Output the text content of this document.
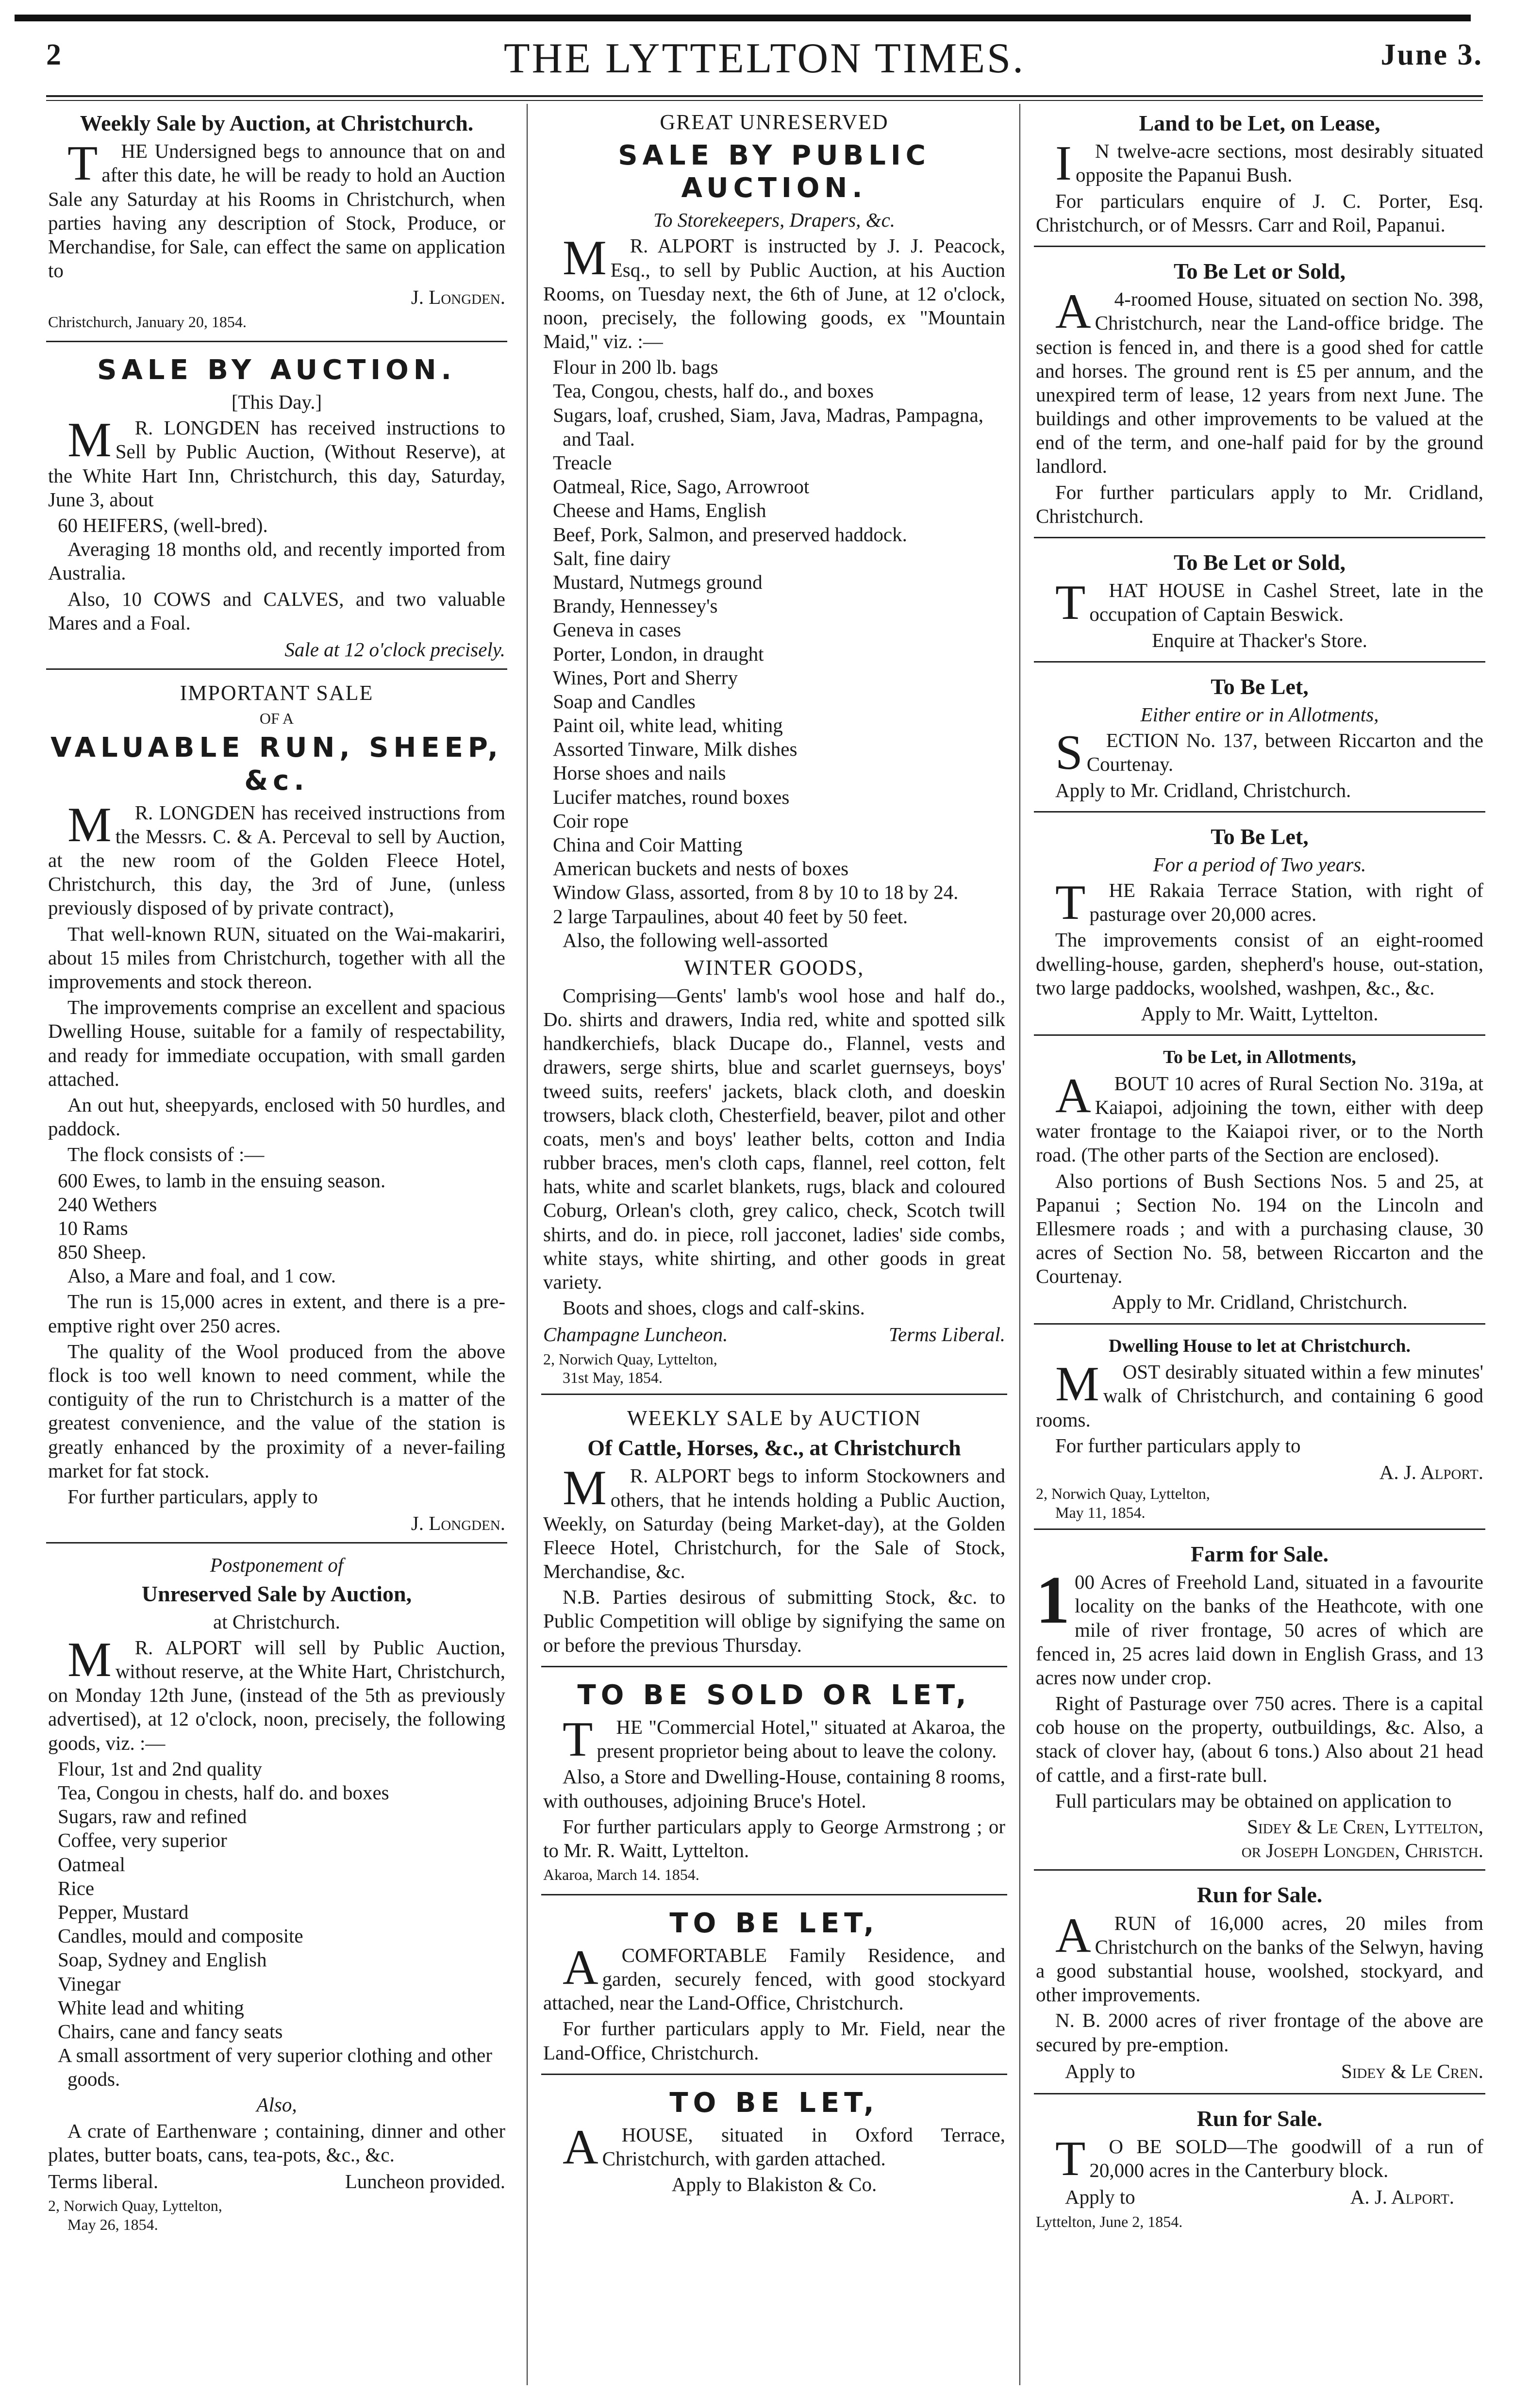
2	THE LYTTELTON TIMES.	June 3.
Weekly Sale by Auction, at Christchurch.

THE Undersigned begs to announce that on and after this date, he will be ready to hold an Auction Sale any Saturday at his Rooms in Christchurch, when parties having any description of Stock, Produce, or Merchandise, for Sale, can effect the same on application to

J. Longden.

Christchurch, January 20, 1854.

SALE BY AUCTION.
[This Day.]

MR. LONGDEN has received instructions to Sell by Public Auction, (Without Reserve), at the White Hart Inn, Christchurch, this day, Saturday, June 3, about

60 HEIFERS, (well-bred).

Averaging 18 months old, and recently imported from Australia.

Also, 10 COWS and CALVES, and two valuable Mares and a Foal.

Sale at 12 o'clock precisely.

IMPORTANT SALE
OF A
VALUABLE RUN, SHEEP, &c.

MR. LONGDEN has received instructions from the Messrs. C. & A. Perceval to sell by Auction, at the new room of the Golden Fleece Hotel, Christchurch, this day, the 3rd of June, (unless previously disposed of by private contract),

That well-known RUN, situated on the Wai-makariri, about 15 miles from Christchurch, together with all the improvements and stock thereon.

The improvements comprise an excellent and spacious Dwelling House, suitable for a family of respectability, and ready for immediate occupation, with small garden attached.

An out hut, sheepyards, enclosed with 50 hurdles, and paddock.

The flock consists of :—

600 Ewes, to lamb in the ensuing season.

240 Wethers

10 Rams

850 Sheep.

Also, a Mare and foal, and 1 cow.

The run is 15,000 acres in extent, and there is a pre-emptive right over 250 acres.

The quality of the Wool produced from the above flock is too well known to need comment, while the contiguity of the run to Christchurch is a matter of the greatest convenience, and the value of the station is greatly enhanced by the proximity of a never-failing market for fat stock.

For further particulars, apply to

J. Longden.

Postponement of
Unreserved Sale by Auction,
at Christchurch.

MR. ALPORT will sell by Public Auction, without reserve, at the White Hart, Christchurch, on Monday 12th June, (instead of the 5th as previously advertised), at 12 o'clock, noon, precisely, the following goods, viz. :—

Flour, 1st and 2nd quality

Tea, Congou in chests, half do. and boxes

Sugars, raw and refined

Coffee, very superior

Oatmeal

Rice

Pepper, Mustard

Candles, mould and composite

Soap, Sydney and English

Vinegar

White lead and whiting

Chairs, cane and fancy seats

A small assortment of very superior clothing and other goods.

Also,

A crate of Earthenware ; containing, dinner and other plates, butter boats, cans, tea-pots, &c., &c.

Terms liberal.	Luncheon provided.

2, Norwich Quay, Lyttelton,

May 26, 1854.

GREAT UNRESERVED
SALE BY PUBLIC AUCTION.
To Storekeepers, Drapers, &c.

MR. ALPORT is instructed by J. J. Peacock, Esq., to sell by Public Auction, at his Auction Rooms, on Tuesday next, the 6th of June, at 12 o'clock, noon, precisely, the following goods, ex "Mountain Maid," viz. :—

Flour in 200 lb. bags

Tea, Congou, chests, half do., and boxes

Sugars, loaf, crushed, Siam, Java, Madras, Pampagna, and Taal.

Treacle

Oatmeal, Rice, Sago, Arrowroot

Cheese and Hams, English

Beef, Pork, Salmon, and preserved haddock.

Salt, fine dairy

Mustard, Nutmegs ground

Brandy, Hennessey's

Geneva in cases

Porter, London, in draught

Wines, Port and Sherry

Soap and Candles

Paint oil, white lead, whiting

Assorted Tinware, Milk dishes

Horse shoes and nails

Lucifer matches, round boxes

Coir rope

China and Coir Matting

American buckets and nests of boxes

Window Glass, assorted, from 8 by 10 to 18 by 24.

2 large Tarpaulines, about 40 feet by 50 feet.

Also, the following well-assorted

WINTER GOODS,

Comprising—Gents' lamb's wool hose and half do., Do. shirts and drawers, India red, white and spotted silk handkerchiefs, black Ducape do., Flannel, vests and drawers, serge shirts, blue and scarlet guernseys, boys' tweed suits, reefers' jackets, black cloth, and doeskin trowsers, black cloth, Chesterfield, beaver, pilot and other coats, men's and boys' leather belts, cotton and India rubber braces, men's cloth caps, flannel, reel cotton, felt hats, white and scarlet blankets, rugs, black and coloured Coburg, Orlean's cloth, grey calico, check, Scotch twill shirts, and do. in piece, roll jacconet, ladies' side combs, white stays, white shirting, and other goods in great variety.

Boots and shoes, clogs and calf-skins.

Champagne Luncheon.	Terms Liberal.

2, Norwich Quay, Lyttelton,

31st May, 1854.

WEEKLY SALE by AUCTION
Of Cattle, Horses, &c., at Christchurch

MR. ALPORT begs to inform Stockowners and others, that he intends holding a Public Auction, Weekly, on Saturday (being Market-day), at the Golden Fleece Hotel, Christchurch, for the Sale of Stock, Merchandise, &c.

N.B. Parties desirous of submitting Stock, &c. to Public Competition will oblige by signifying the same on or before the previous Thursday.

TO BE SOLD OR LET,

THE "Commercial Hotel," situated at Akaroa, the present proprietor being about to leave the colony.

Also, a Store and Dwelling-House, containing 8 rooms, with outhouses, adjoining Bruce's Hotel.

For further particulars apply to George Armstrong ; or to Mr. R. Waitt, Lyttelton.

Akaroa, March 14. 1854.

TO BE LET,

ACOMFORTABLE Family Residence, and garden, securely fenced, with good stockyard attached, near the Land-Office, Christchurch.

For further particulars apply to Mr. Field, near the Land-Office, Christchurch.

TO BE LET,

AHOUSE, situated in Oxford Terrace, Christchurch, with garden attached.

Apply to Blakiston & Co.

Land to be Let, on Lease,

IN twelve-acre sections, most desirably situated opposite the Papanui Bush.

For particulars enquire of J. C. Porter, Esq. Christchurch, or of Messrs. Carr and Roil, Papanui.

To Be Let or Sold,

A4-roomed House, situated on section No. 398, Christchurch, near the Land-office bridge. The section is fenced in, and there is a good shed for cattle and horses. The ground rent is £5 per annum, and the unexpired term of lease, 12 years from next June. The buildings and other improvements to be valued at the end of the term, and one-half paid for by the ground landlord.

For further particulars apply to Mr. Cridland, Christchurch.

To Be Let or Sold,

THAT HOUSE in Cashel Street, late in the occupation of Captain Beswick.

Enquire at Thacker's Store.

To Be Let,
Either entire or in Allotments,

SECTION No. 137, between Riccarton and the Courtenay.

Apply to Mr. Cridland, Christchurch.

To Be Let,
For a period of Two years.

THE Rakaia Terrace Station, with right of pasturage over 20,000 acres.

The improvements consist of an eight-roomed dwelling-house, garden, shepherd's house, out-station, two large paddocks, woolshed, washpen, &c., &c.

Apply to Mr. Waitt, Lyttelton.

To be Let, in Allotments,

ABOUT 10 acres of Rural Section No. 319a, at Kaiapoi, adjoining the town, either with deep water frontage to the Kaiapoi river, or to the North road. (The other parts of the Section are enclosed).

Also portions of Bush Sections Nos. 5 and 25, at Papanui ; Section No. 194 on the Lincoln and Ellesmere roads ; and with a purchasing clause, 30 acres of Section No. 58, between Riccarton and the Courtenay.

Apply to Mr. Cridland, Christchurch.

Dwelling House to let at Christchurch.

MOST desirably situated within a few minutes' walk of Christchurch, and containing 6 good rooms.

For further particulars apply to

A. J. Alport.

2, Norwich Quay, Lyttelton,

May 11, 1854.

Farm for Sale.

100 Acres of Freehold Land, situated in a favourite locality on the banks of the Heathcote, with one mile of river frontage, 50 acres of which are fenced in, 25 acres laid down in English Grass, and 13 acres now under crop.

Right of Pasturage over 750 acres. There is a capital cob house on the property, outbuildings, &c. Also, a stack of clover hay, (about 6 tons.) Also about 21 head of cattle, and a first-rate bull.

Full particulars may be obtained on application to

Sidey & Le Cren, Lyttelton,

or Joseph Longden, Christch.

Run for Sale.

ARUN of 16,000 acres, 20 miles from Christchurch on the banks of the Selwyn, having a good substantial house, woolshed, stockyard, and other improvements.

N. B. 2000 acres of river frontage of the above are secured by pre-emption.

Apply to	Sidey & Le Cren.
Run for Sale.

TO BE SOLD—The goodwill of a run of 20,000 acres in the Canterbury block.

Apply to	A. J. Alport.

Lyttelton, June 2, 1854.
